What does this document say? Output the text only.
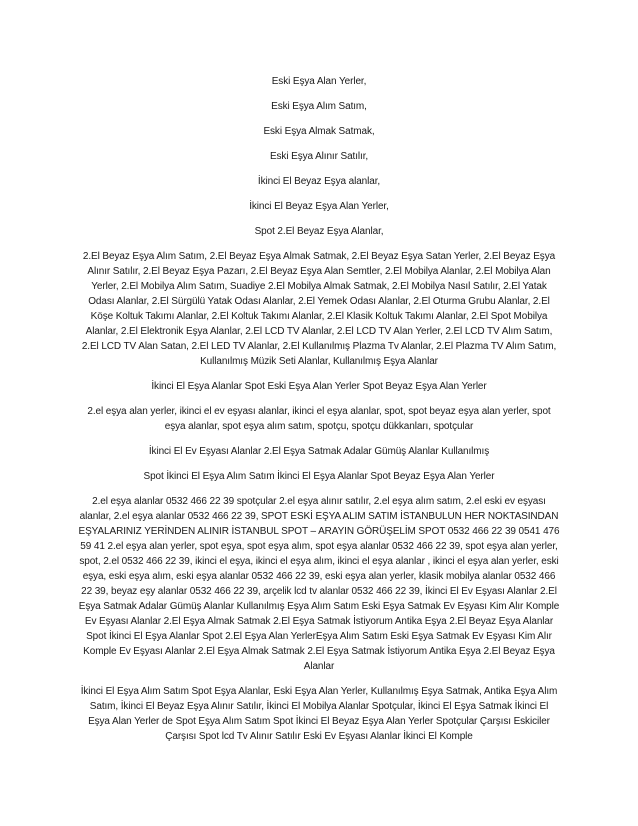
Eski Eşya Alan Yerler,

Eski Eşya Alım Satım,

Eski Eşya Almak Satmak,

Eski Eşya Alınır Satılır,

İkinci El Beyaz Eşya alanlar,

İkinci El Beyaz Eşya Alan Yerler,

Spot 2.El Beyaz Eşya Alanlar,

2.El Beyaz Eşya Alım Satım, 2.El Beyaz Eşya Almak Satmak, 2.El Beyaz Eşya Satan Yerler, 2.El Beyaz Eşya Alınır Satılır, 2.El Beyaz Eşya Pazarı, 2.El Beyaz Eşya Alan Semtler, 2.El Mobilya Alanlar, 2.El Mobilya Alan Yerler, 2.El Mobilya Alım Satım, Suadiye 2.El Mobilya Almak Satmak, 2.El Mobilya Nasıl Satılır, 2.El Yatak Odası Alanlar, 2.El Sürgülü Yatak Odası Alanlar, 2.El Yemek Odası Alanlar, 2.El Oturma Grubu Alanlar, 2.El Köşe Koltuk Takımı Alanlar, 2.El Koltuk Takımı Alanlar, 2.El Klasik Koltuk Takımı Alanlar, 2.El Spot Mobilya Alanlar, 2.El Elektronik Eşya Alanlar, 2.El LCD TV Alanlar, 2.El LCD TV Alan Yerler, 2.El LCD TV Alım Satım, 2.El LCD TV Alan Satan, 2.El LED TV Alanlar, 2.El Kullanılmış Plazma Tv Alanlar, 2.El Plazma TV Alım Satım, Kullanılmış Müzik Seti Alanlar, Kullanılmış Eşya Alanlar

İkinci El Eşya Alanlar Spot Eski Eşya Alan Yerler Spot Beyaz Eşya Alan Yerler

2.el eşya alan yerler, ikinci el ev eşyası alanlar, ikinci el eşya alanlar, spot, spot beyaz eşya alan yerler, spot eşya alanlar, spot eşya alım satım, spotçu, spotçu dükkanları, spotçular

İkinci El Ev Eşyası Alanlar 2.El Eşya Satmak Adalar Gümüş Alanlar Kullanılmış

Spot İkinci El Eşya Alım Satım İkinci El Eşya Alanlar Spot Beyaz Eşya Alan Yerler

2.el eşya alanlar 0532 466 22 39 spotçular 2.el eşya alınır satılır, 2.el eşya alım satım, 2.el eski ev eşyası alanlar, 2.el eşya alanlar 0532 466 22 39, SPOT ESKİ EŞYA ALIM SATIM İSTANBULUN HER NOKTASINDAN EŞYALARINIZ YERİNDEN ALINIR İSTANBUL SPOT – ARAYIN GÖRÜŞELİM SPOT 0532 466 22 39 0541 476 59 41 2.el eşya alan yerler, spot eşya, spot eşya alım, spot eşya alanlar 0532 466 22 39, spot eşya alan yerler, spot, 2.el 0532 466 22 39, ikinci el eşya, ikinci el eşya alım, ikinci el eşya alanlar , ikinci el eşya alan yerler, eski eşya, eski eşya alım, eski eşya alanlar 0532 466 22 39, eski eşya alan yerler, klasik mobilya alanlar 0532 466 22 39, beyaz eşy alanlar 0532 466 22 39, arçelik lcd tv alanlar 0532 466 22 39, İkinci El Ev Eşyası Alanlar 2.El Eşya Satmak Adalar Gümüş Alanlar Kullanılmış Eşya Alım Satım Eski Eşya Satmak Ev Eşyası Kim Alır Komple Ev Eşyası Alanlar 2.El Eşya Almak Satmak 2.El Eşya Satmak İstiyorum Antika Eşya 2.El Beyaz Eşya Alanlar Spot İkinci El Eşya Alanlar Spot 2.El Eşya Alan YerlerEşya Alım Satım Eski Eşya Satmak Ev Eşyası Kim Alır Komple Ev Eşyası Alanlar 2.El Eşya Almak Satmak 2.El Eşya Satmak İstiyorum Antika Eşya 2.El Beyaz Eşya Alanlar

İkinci El Eşya Alım Satım Spot Eşya Alanlar, Eski Eşya Alan Yerler, Kullanılmış Eşya Satmak, Antika Eşya Alım Satım, İkinci El Beyaz Eşya Alınır Satılır, İkinci El Mobilya Alanlar Spotçular, İkinci El Eşya Satmak İkinci El Eşya Alan Yerler de Spot Eşya Alım Satım Spot İkinci El Beyaz Eşya Alan Yerler Spotçular Çarşısı Eskiciler Çarşısı Spot lcd Tv Alınır Satılır Eski Ev Eşyası Alanlar İkinci El Komple
